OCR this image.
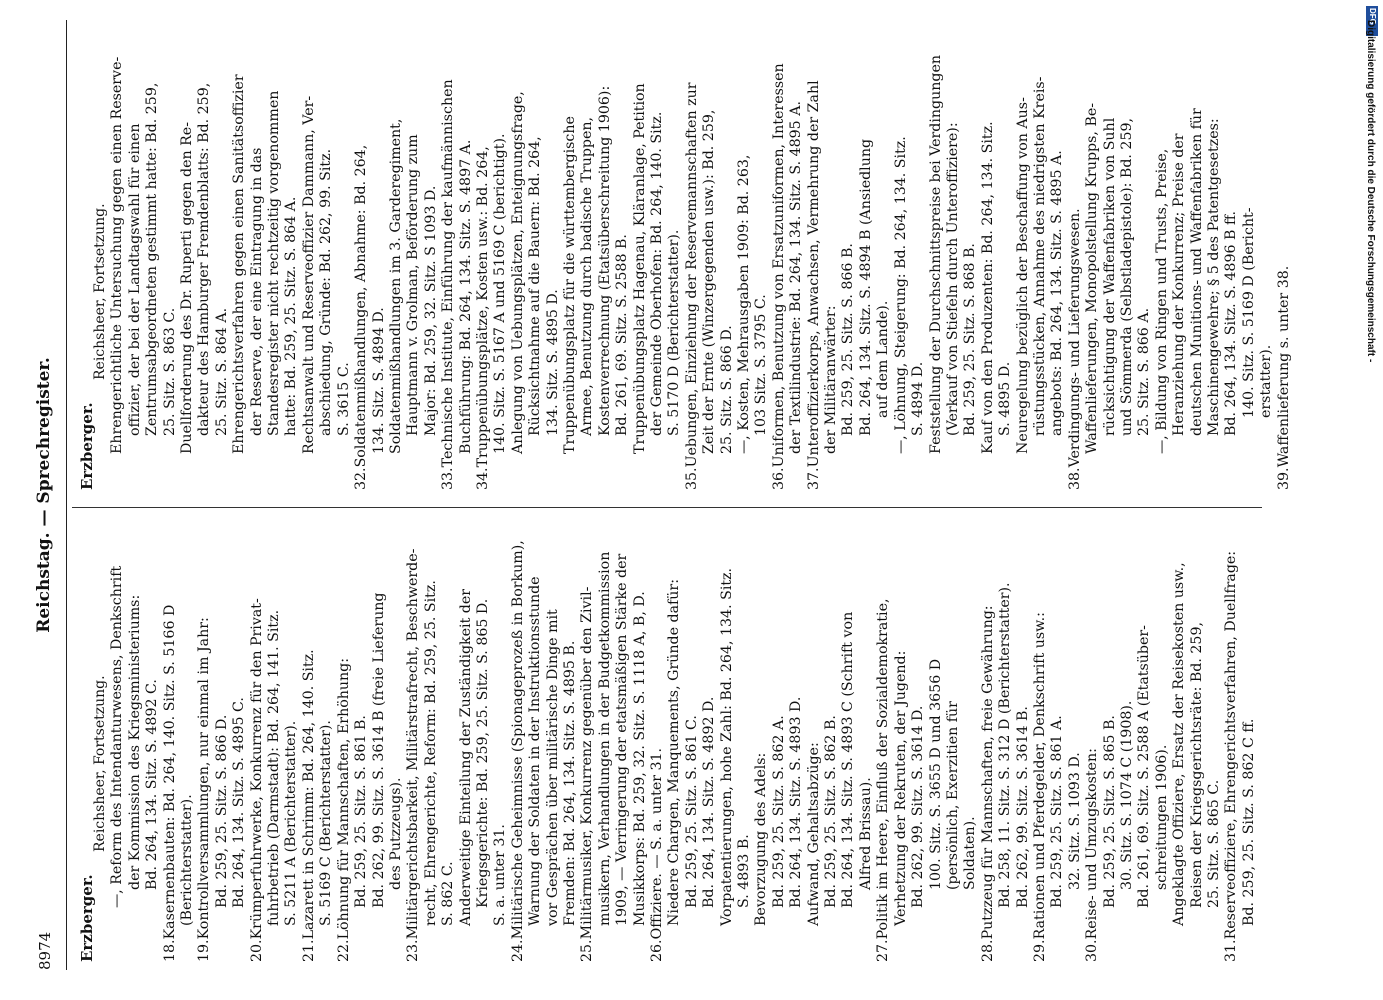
8974
Reichstag. — Sprechregister.
Erzberger.
Erzberger.
Reichsheer, Fortsetzung. —, Reform des Intendanturwesens, Denkschrift der Kommission des Kriegsministeriums: Bd. 264, 134. Sitz. S. 4892 C.
18.Kasernenbauten: Bd. 264, 140. Sitz. S. 5166 D (Berichterstatter).
19.Kontrollversammlungen, nur einmal im Jahr: Bd. 259, 25. Sitz. S. 866 D. Bd. 264, 134. Sitz. S. 4895 C.
20.Krümperfuhrwerke, Konkurrenz für den Privat- fuhrbetrieb (Darmstadt): Bd. 264, 141. Sitz. S. 5211 A (Berichterstatter).
21.Lazarett in Schrimm: Bd. 264, 140. Sitz. S. 5169 C (Berichterstatter).
22.Löhnung für Mannschaften, Erhöhung: Bd. 259, 25. Sitz. S. 861 B. Bd. 262, 99. Sitz. S. 3614 B (freie Lieferung des Putzzeugs).
23.Militärgerichtsbarkeit, Militärstrafrecht, Beschwerde- recht, Ehrengerichte, Reform: Bd. 259, 25. Sitz. S. 862 C. Anderweitige Einteilung der Zuständigkeit der Kriegsgerichte: Bd. 259, 25. Sitz. S. 865 D. S. a. unter 31.
24.Militärische Geheimnisse (Spionageprozeß in Borkum), Warnung der Soldaten in der Instruktionsstunde vor Gesprächen über militärische Dinge mit Fremden: Bd. 264, 134. Sitz. S. 4895 B.
25.Militärmusiker, Konkurrenz gegenüber den Zivil- musikern, Verhandlungen in der Budgetkommission 1909, — Verringerung der etatsmäßigen Stärke der Musikkorps: Bd. 259, 32. Sitz. S. 1118 A, B, D.
26.Offiziere. — S. a. unter 31. Niedere Chargen, Manquements, Gründe dafür: Bd. 259, 25. Sitz. S. 861 C. Bd. 264, 134. Sitz. S. 4892 D. Vorpatentierungen, hohe Zahl: Bd. 264, 134. Sitz. S. 4893 B. Bevorzugung des Adels: Bd. 259, 25. Sitz. S. 862 A. Bd. 264, 134. Sitz. S. 4893 D. Aufwand, Gehaltsabzüge: Bd. 259, 25. Sitz. S. 862 B. Bd. 264, 134. Sitz. S. 4893 C (Schrift von Alfred Brissau).
27.Politik im Heere, Einfluß der Sozialdemokratie, Verhetzung der Rekruten, der Jugend: Bd. 262, 99. Sitz. S. 3614 D. 100. Sitz. S. 3655 D und 3656 D (persönlich, Exerzitien für Soldaten).
28.Putzzeug für Mannschaften, freie Gewährung: Bd. 258, 11. Sitz. S. 312 D (Berichterstatter). Bd. 262, 99. Sitz. S. 3614 B.
29.Rationen und Pferdegelder, Denkschrift usw.: Bd. 259, 25. Sitz. S. 861 A. 32. Sitz. S. 1093 D.
30.Reise- und Umzugskosten: Bd. 259, 25. Sitz. S. 865 B. 30. Sitz. S. 1074 C (1908). Bd. 261, 69. Sitz. S. 2588 A (Etatsüber- schreitungen 1906). Angeklagte Offiziere, Ersatz der Reisekosten usw., Reisen der Kriegsgerichtsräte: Bd. 259, 25. Sitz. S. 865 C.
31.Reserveoffiziere, Ehrengerichtsverfahren, Duellfrage: Bd. 259, 25. Sitz. S. 862 C ff.
Reichsheer, Fortsetzung. Ehrengerichtliche Untersuchung gegen einen Reserve- offizier, der bei der Landtagswahl für einen Zentrumsabgeordneten gestimmt hatte: Bd. 259, 25. Sitz. S. 863 C. Duellforderung des Dr. Ruperti gegen den Re- dakteur des Hamburger Fremdenblatts: Bd. 259, 25. Sitz. S. 864 A. Ehrengerichtsverfahren gegen einen Sanitätsoffizier der Reserve, der eine Eintragung in das Standesregister nicht rechtzeitig vorgenommen hatte: Bd. 259, 25. Sitz. S. 864 A. Rechtsanwalt und Reserveoffizier Dammann, Ver- abschiedung, Gründe: Bd. 262, 99. Sitz. S. 3615 C.
32.Soldatenmißhandlungen, Abnahme: Bd. 264, 134. Sitz. S. 4894 D. Soldatenmißhandlungen im 3. Garderegiment, Hauptmann v. Grolman, Beförderung zum Major: Bd. 259, 32. Sitz. S 1093 D.
33.Technische Institute, Einführung der kaufmännischen Buchführung: Bd. 264, 134. Sitz. S. 4897 A.
34.Truppenübungsplätze, Kosten usw.: Bd. 264, 140. Sitz. S. 5167 A und 5169 C (berichtigt). Anlegung von Uebungsplätzen, Enteignungsfrage, Rücksichtnahme auf die Bauern: Bd. 264, 134. Sitz. S. 4895 D. Truppenübungsplatz für die württembergische Armee, Benutzung durch badische Truppen, Kostenverrechnung (Etatsüberschreitung 1906): Bd. 261, 69. Sitz. S. 2588 B. Truppenübungsplatz Hagenau, Kläranlage, Petition der Gemeinde Oberhofen: Bd. 264, 140. Sitz. S. 5170 D (Berichterstatter).
35.Uebungen, Einziehung der Reservemannschaften zur Zeit der Ernte (Winzergegenden usw.): Bd. 259, 25. Sitz. S. 866 D. —, Kosten, Mehrausgaben 1909: Bd. 263, 103 Sitz. S. 3795 C.
36.Uniformen, Benutzung von Ersatzuniformen, Interessen der Textilindustrie: Bd. 264, 134. Sitz. S. 4895 A.
37.Unteroffizierkorps, Anwachsen, Vermehrung der Zahl der Militäranwärter: Bd. 259, 25. Sitz. S. 866 B. Bd. 264, 134. Sitz. S. 4894 B (Ansiedlung auf dem Lande). —, Löhnung, Steigerung: Bd. 264, 134. Sitz. S. 4894 D. Feststellung der Durchschnittspreise bei Verdingungen (Verkauf von Stiefeln durch Unteroffiziere): Bd. 259, 25. Sitz. S. 868 B. Kauf von den Produzenten: Bd. 264, 134. Sitz. S. 4895 D. Neuregelung bezüglich der Beschaffung von Aus- rüstungsstücken, Annahme des niedrigsten Kreis- angebots: Bd. 264, 134. Sitz. S. 4895 A.
38.Verdingungs- und Lieferungswesen. Waffenlieferungen, Monopolstellung Krupps, Be- rücksichtigung der Waffenfabriken von Suhl und Sömmerda (Selbstladepistole): Bd. 259, 25. Sitz. S. 866 A. —, Bildung von Ringen und Trusts, Preise, Heranziehung der Konkurrenz; Preise der deutschen Munitions- und Waffenfabriken für Maschinengewehre; § 5 des Patentgesetzes: Bd. 264, 134. Sitz. S. 4896 B ff. 140. Sitz. S. 5169 D (Bericht- erstatter).
39.Waffenlieferung s. unter 38.
DFG
Digitalisierung gefördert durch die Deutsche Forschungsgemeinschaft -
